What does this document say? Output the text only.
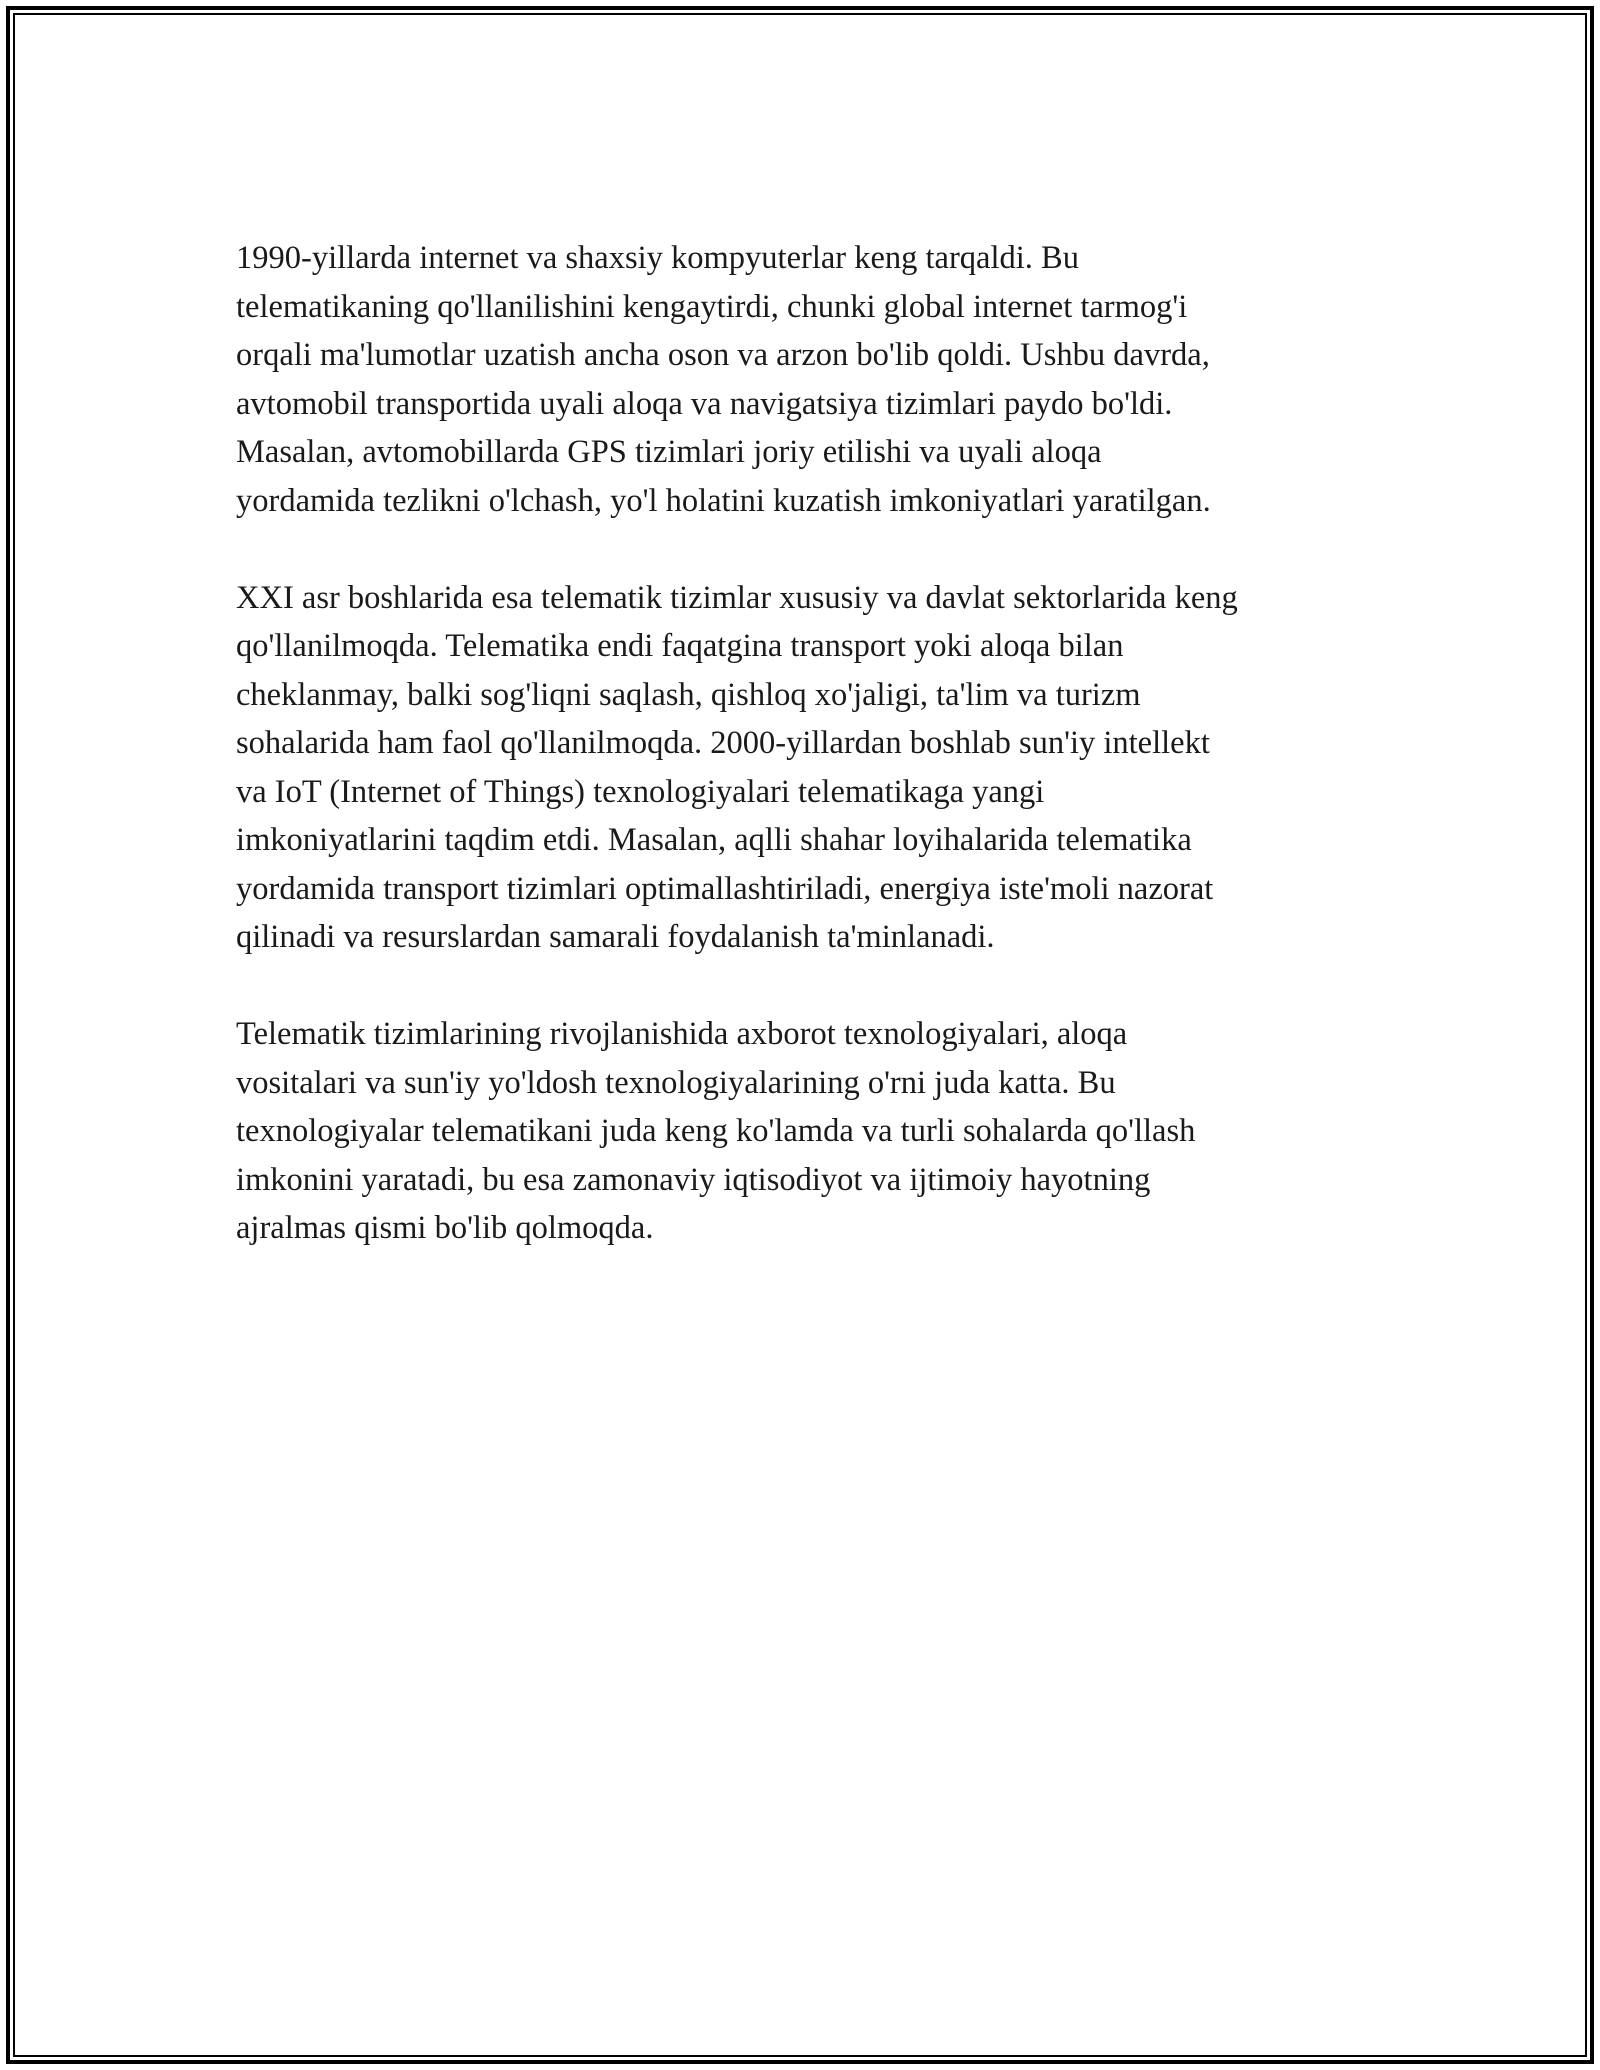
1990-yillarda internet va shaxsiy kompyuterlar keng tarqaldi. Bu
telematikaning qo'llanilishini kengaytirdi, chunki global internet tarmog'i
orqali ma'lumotlar uzatish ancha oson va arzon bo'lib qoldi. Ushbu davrda,
avtomobil transportida uyali aloqa va navigatsiya tizimlari paydo bo'ldi.
Masalan, avtomobillarda GPS tizimlari joriy etilishi va uyali aloqa
yordamida tezlikni o'lchash, yo'l holatini kuzatish imkoniyatlari yaratilgan.

XXI asr boshlarida esa telematik tizimlar xususiy va davlat sektorlarida keng
qo'llanilmoqda. Telematika endi faqatgina transport yoki aloqa bilan
cheklanmay, balki sog'liqni saqlash, qishloq xo'jaligi, ta'lim va turizm
sohalarida ham faol qo'llanilmoqda. 2000-yillardan boshlab sun'iy intellekt
va IoT (Internet of Things) texnologiyalari telematikaga yangi
imkoniyatlarini taqdim etdi. Masalan, aqlli shahar loyihalarida telematika
yordamida transport tizimlari optimallashtiriladi, energiya iste'moli nazorat
qilinadi va resurslardan samarali foydalanish ta'minlanadi.

Telematik tizimlarining rivojlanishida axborot texnologiyalari, aloqa
vositalari va sun'iy yo'ldosh texnologiyalarining o'rni juda katta. Bu
texnologiyalar telematikani juda keng ko'lamda va turli sohalarda qo'llash
imkonini yaratadi, bu esa zamonaviy iqtisodiyot va ijtimoiy hayotning
ajralmas qismi bo'lib qolmoqda.
